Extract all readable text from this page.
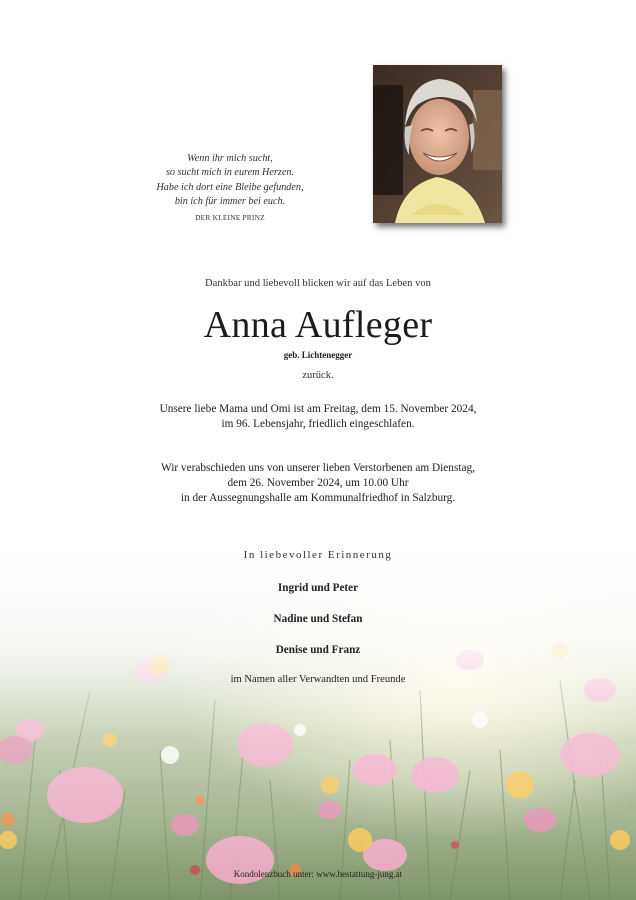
Wenn ihr mich sucht,
so sucht mich in eurem Herzen.
Habe ich dort eine Bleibe gefunden,
bin ich für immer bei euch.
DER KLEINE PRINZ
Dankbar und liebevoll blicken wir auf das Leben von
Anna Aufleger
geb. Lichtenegger
zurück.
Unsere liebe Mama und Omi ist am Freitag, dem 15. November 2024,
im 96. Lebensjahr, friedlich eingeschlafen.
Wir verabschieden uns von unserer lieben Verstorbenen am Dienstag,
dem 26. November 2024, um 10.00 Uhr
in der Aussegnungshalle am Kommunalfriedhof in Salzburg.
In liebevoller Erinnerung
Ingrid und Peter
Nadine und Stefan
Denise und Franz
im Namen aller Verwandten und Freunde
Kondolenzbuch unter: www.bestattung-jung.at
